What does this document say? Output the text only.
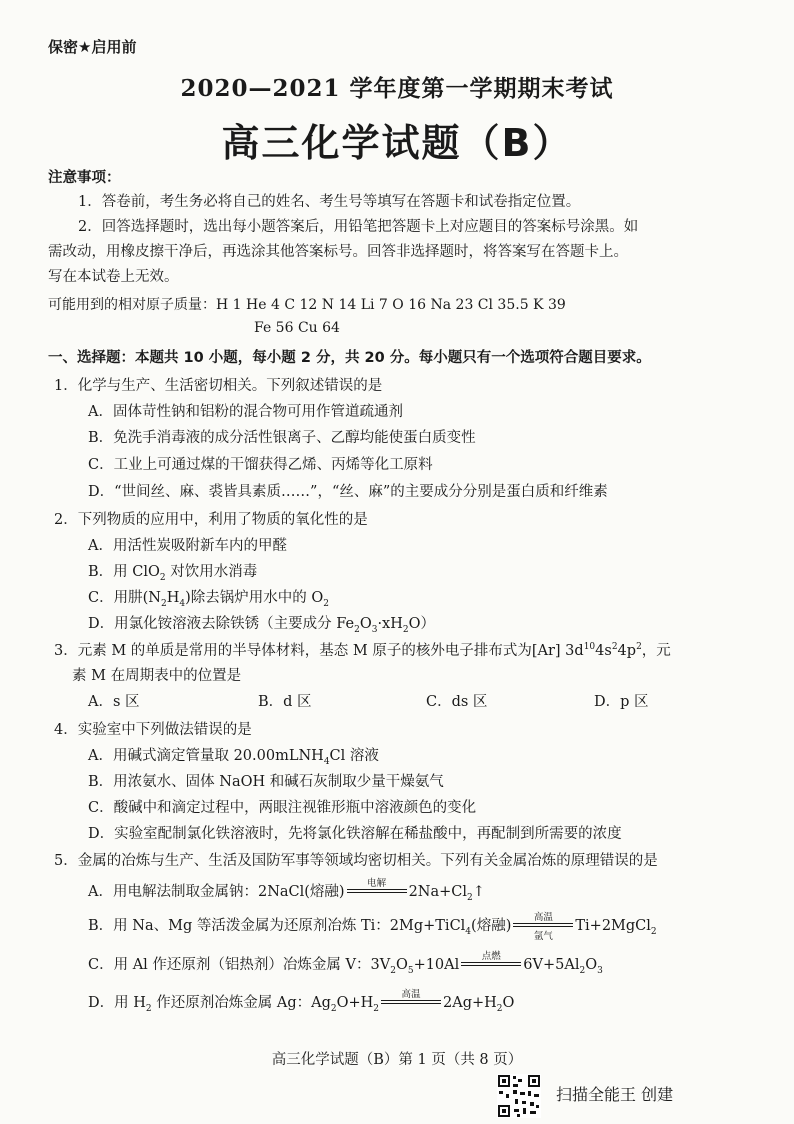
保密★启用前
2020—2021 学年度第一学期期末考试
高三化学试题（B）
注意事项：
1．答卷前，考生务必将自己的姓名、考生号等填写在答题卡和试卷指定位置。
2．回答选择题时，选出每小题答案后，用铅笔把答题卡上对应题目的答案标号涂黑。如
需改动，用橡皮擦干净后，再选涂其他答案标号。回答非选择题时，将答案写在答题卡上。
写在本试卷上无效。
可能用到的相对原子质量：H 1 He 4 C 12 N 14 Li 7 O 16 Na 23 Cl 35.5 K 39
Fe 56 Cu 64
一、选择题：本题共 10 小题，每小题 2 分，共 20 分。每小题只有一个选项符合题目要求。
1．化学与生产、生活密切相关。下列叙述错误的是
A．固体苛性钠和铝粉的混合物可用作管道疏通剂
B．免洗手消毒液的成分活性银离子、乙醇均能使蛋白质变性
C．工业上可通过煤的干馏获得乙烯、丙烯等化工原料
D．“世间丝、麻、裘皆具素质……”，“丝、麻”的主要成分分别是蛋白质和纤维素
2．下列物质的应用中，利用了物质的氧化性的是
A．用活性炭吸附新车内的甲醛
B．用 ClO$_2$ 对饮用水消毒
C．用肼$(N_2H_4)$除去锅炉用水中的 $O_2$
D．用氯化铵溶液去除铁锈（主要成分 $Fe_2O_3\cdot xH_2O$）
3．元素 M 的单质是常用的半导体材料，基态 M 原子的核外电子排布式为[Ar] $3d^{10}4s^24p^2$，元
素 M 在周期表中的位置是
A．s 区	B．d 区	C．ds 区	D．p 区
4．实验室中下列做法错误的是
A．用碱式滴定管量取 20.00mLNH$_4$Cl 溶液
B．用浓氨水、固体 NaOH 和碱石灰制取少量干燥氨气
C．酸碱中和滴定过程中，两眼注视锥形瓶中溶液颜色的变化
D．实验室配制氯化铁溶液时，先将氯化铁溶解在稀盐酸中，再配制到所需要的浓度
5．金属的冶炼与生产、生活及国防军事等领域均密切相关。下列有关金属冶炼的原理错误的是
A．用电解法制取金属钠：2NaCl(熔融)
电解
$2Na+Cl_2↑$
B．用 Na、Mg 等活泼金属为还原剂冶炼 Ti：2Mg+TiCl$_4$(熔融)
高温
氩气
Ti+2MgCl$_2$
C．用 Al 作还原剂（铝热剂）冶炼金属 V：$3V_2O_5+10Al$
点燃
$6V+5Al_2O_3$
D．用 $H_2$ 作还原剂冶炼金属 Ag：$Ag_2O+H_2$
高温
$2Ag+H_2O$
高三化学试题（B）第 1 页（共 8 页）
扫描全能王 创建
